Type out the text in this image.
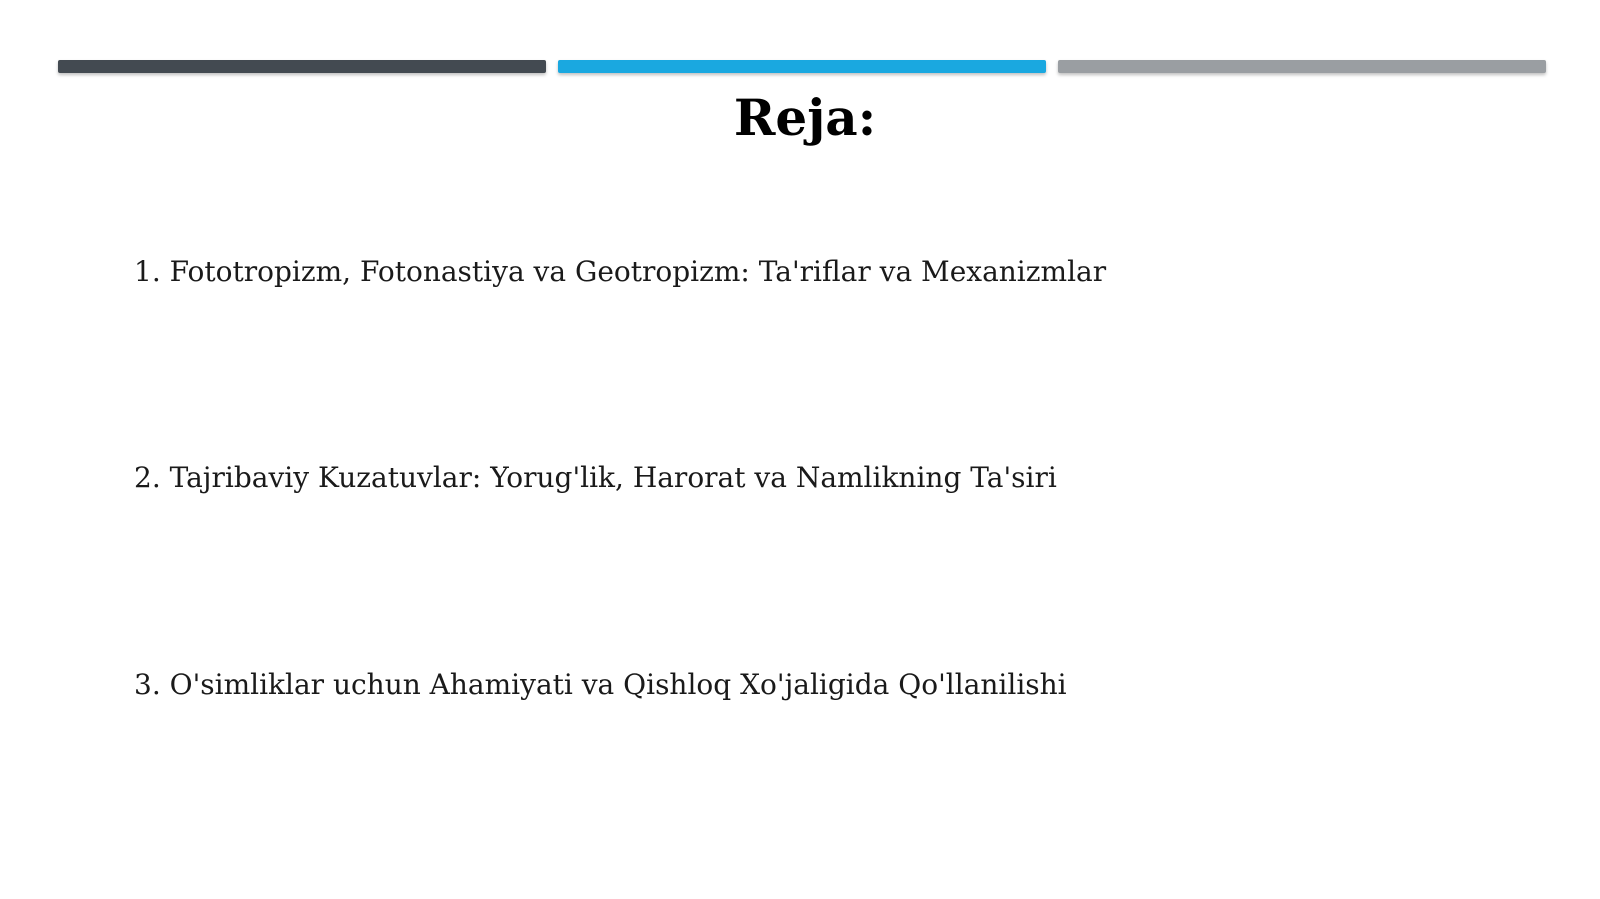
Reja:
1. Fototropizm, Fotonastiya va Geotropizm: Ta'riflar va Mexanizmlar
2. Tajribaviy Kuzatuvlar: Yorug'lik, Harorat va Namlikning Ta'siri
3. O'simliklar uchun Ahamiyati va Qishloq Xo'jaligida Qo'llanilishi
